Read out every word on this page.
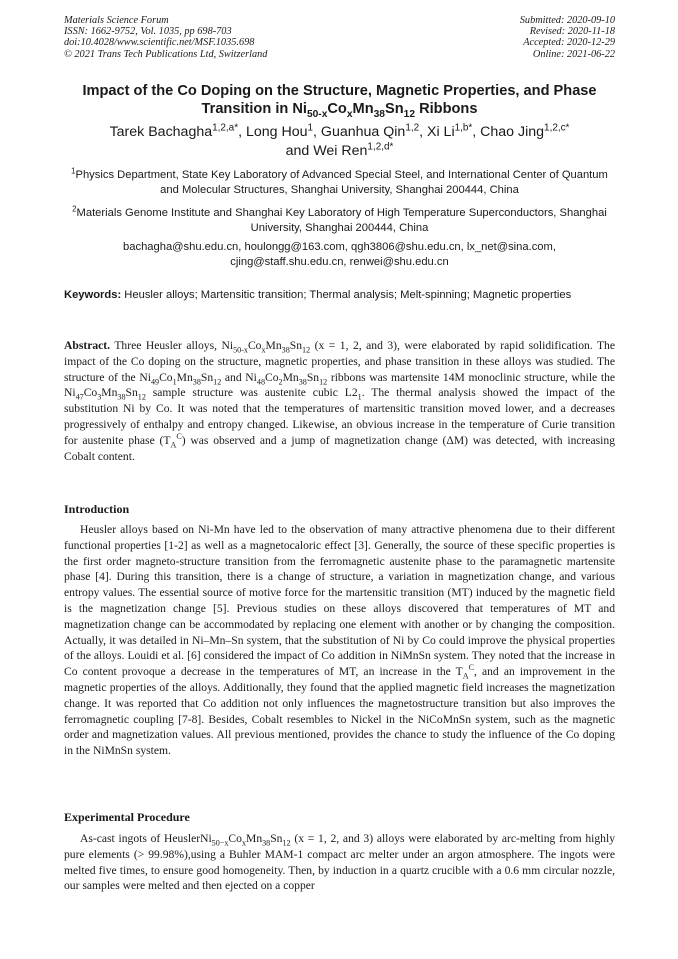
Materials Science Forum
ISSN: 1662-9752, Vol. 1035, pp 698-703
doi:10.4028/www.scientific.net/MSF.1035.698
© 2021 Trans Tech Publications Ltd, Switzerland
Submitted: 2020-09-10
Revised: 2020-11-18
Accepted: 2020-12-29
Online: 2021-06-22
Impact of the Co Doping on the Structure, Magnetic Properties, and Phase Transition in $Ni_{50-x}Co_xMn_{38}Sn_{12}$ Ribbons
Tarek Bachagha$^{1,2,a*}$, Long Hou$^1$, Guanhua Qin$^{1,2}$, Xi $Li^{1,b*}$, Chao Jing$^{1,2,c*}$
and Wei Ren$^{1,2,d*}$
$^1$Physics Department, State Key Laboratory of Advanced Special Steel, and International Center of Quantum and Molecular Structures, Shanghai University, Shanghai 200444, China
$^2$Materials Genome Institute and Shanghai Key Laboratory of High Temperature Superconductors, Shanghai University, Shanghai 200444, China
bachagha@shu.edu.cn, houlongg@163.com, qgh3806@shu.edu.cn, lx_net@sina.com, cjing@staff.shu.edu.cn, renwei@shu.edu.cn
Keywords: Heusler alloys; Martensitic transition; Thermal analysis; Melt-spinning; Magnetic properties
Abstract. Three Heusler alloys, $Ni_{50-x}Co_xMn_{38}Sn_{12}$ (x = 1, 2, and 3), were elaborated by rapid solidification. The impact of the Co doping on the structure, magnetic properties, and phase transition in these alloys was studied. The structure of the $Ni_{49}Co_1Mn_{38}Sn_{12}$ and $Ni_{48}Co_2Mn_{38}Sn_{12}$ ribbons was martensite 14M monoclinic structure, while the $Ni_{47}Co_3Mn_{38}Sn_{12}$ sample structure was austenite cubic $L2_1$. The thermal analysis showed the impact of the substitution Ni by Co. It was noted that the temperatures of martensitic transition moved lower, and a decreases progressively of enthalpy and entropy changed. Likewise, an obvious increase in the temperature of Curie transition for austenite phase $(T_A^C)$ was observed and a jump of magnetization change (ΔM) was detected, with increasing Cobalt content.
Introduction
Heusler alloys based on Ni-Mn have led to the observation of many attractive phenomena due to their different functional properties [1-2] as well as a magnetocaloric effect [3]. Generally, the source of these specific properties is the first order magneto-structure transition from the ferromagnetic austenite phase to the paramagnetic martensite phase [4]. During this transition, there is a change of structure, a variation in magnetization change, and various entropy values. The essential source of motive force for the martensitic transition (MT) induced by the magnetic field is the magnetization change [5]. Previous studies on these alloys discovered that temperatures of MT and magnetization change can be accommodated by replacing one element with another or by changing the composition. Actually, it was detailed in Ni–Mn–Sn system, that the substitution of Ni by Co could improve the physical properties of the alloys. Louidi et al. [6] considered the impact of Co addition in NiMnSn system. They noted that the increase in Co content provoque a decrease in the temperatures of MT, an increase in the $T_A^C$, and an improvement in the magnetic properties of the alloys. Additionally, they found that the applied magnetic field increases the magnetization change. It was reported that Co addition not only influences the magnetostructure transition but also improves the ferromagnetic coupling [7-8]. Besides, Cobalt resembles to Nickel in the NiCoMnSn system, such as the magnetic order and magnetization values. All previous mentioned, provides the chance to study the influence of the Co doping in the NiMnSn system.
Experimental Procedure
As-cast ingots of $HeuslerNi_{50-x}Co_xMn_{38}Sn_{12}$ (x = 1, 2, and 3) alloys were elaborated by arc-melting from highly pure elements (> 99.98%),using a Buhler MAM-1 compact arc melter under an argon atmosphere. The ingots were melted five times, to ensure good homogeneity. Then, by induction in a quartz crucible with a 0.6 mm circular nozzle, our samples were melted and then ejected on a copper
